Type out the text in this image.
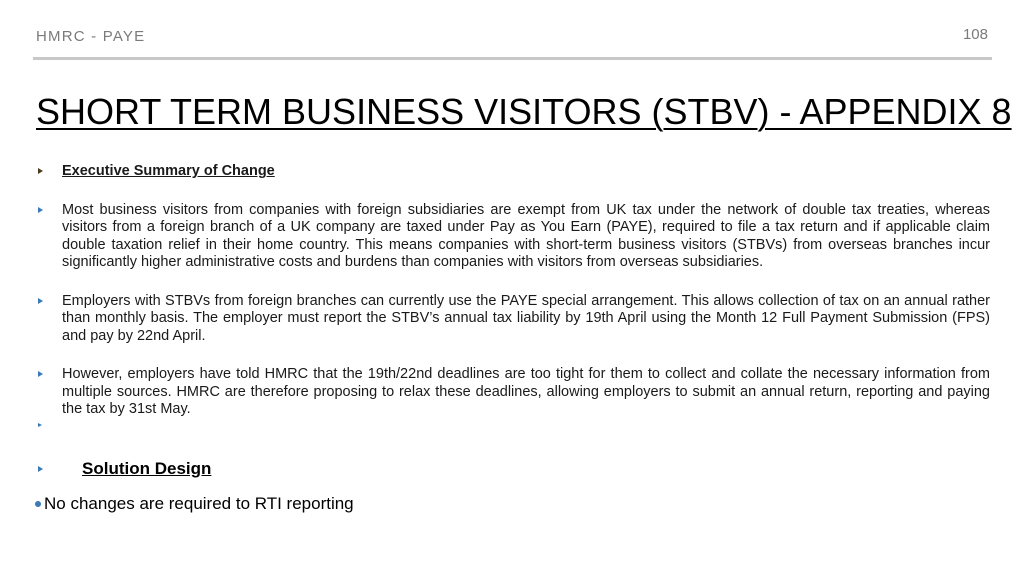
HMRC - PAYE	108
SHORT TERM BUSINESS VISITORS (STBV) - APPENDIX 8
Executive Summary of Change
Most business visitors from companies with foreign subsidiaries are exempt from UK tax under the network of double tax treaties, whereas visitors from a foreign branch of a UK company are taxed under Pay as You Earn (PAYE), required to file a tax return and if applicable claim double taxation relief in their home country. This means companies with short-term business visitors (STBVs) from overseas branches incur significantly higher administrative costs and burdens than companies with visitors from overseas subsidiaries.
Employers with STBVs from foreign branches can currently use the PAYE special arrangement. This allows collection of tax on an annual rather than monthly basis. The employer must report the STBV’s annual tax liability by 19th April using the Month 12 Full Payment Submission (FPS) and pay by 22nd April.
However, employers have told HMRC that the 19th/22nd deadlines are too tight for them to collect and collate the necessary information from multiple sources. HMRC are therefore proposing to relax these deadlines, allowing employers to submit an annual return, reporting and paying the tax by 31st May.
Solution Design
No changes are required to RTI reporting
